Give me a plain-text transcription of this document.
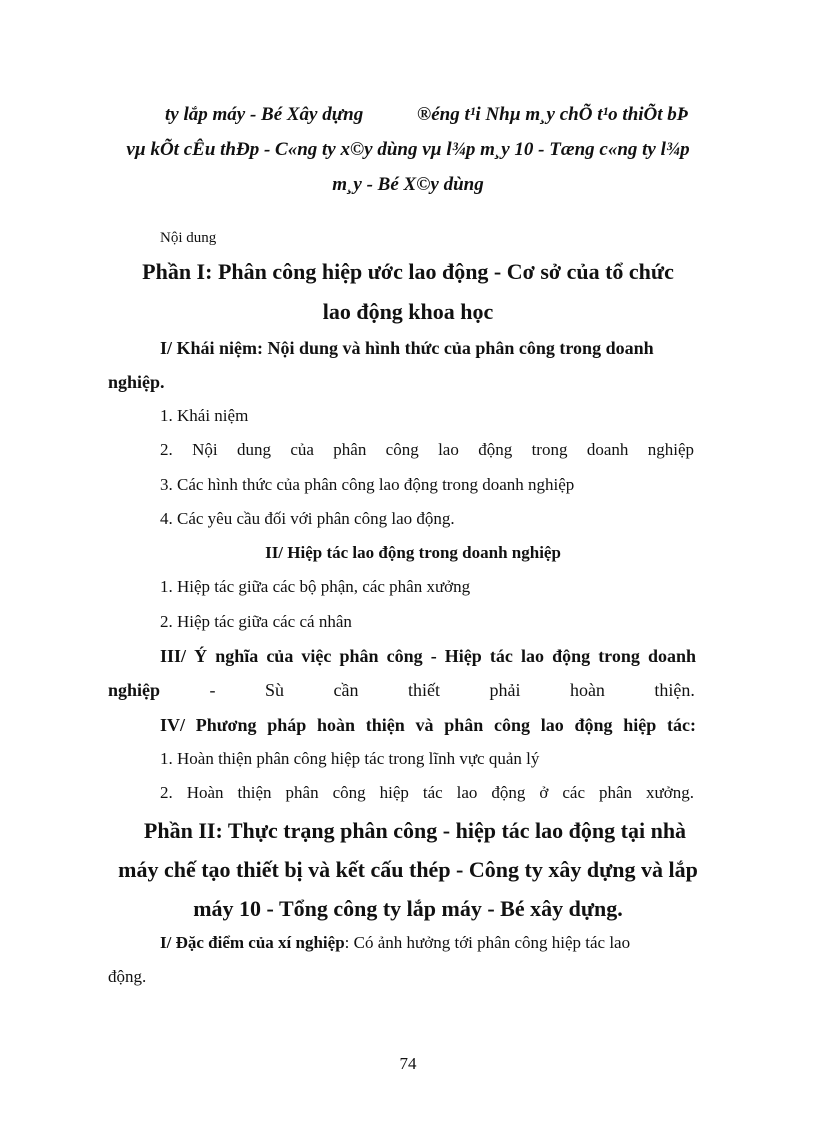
ty lắp máy - Bé Xây dựng	®éng t¹i Nhµ m¸y chÕ t¹o thiÕt bÞ
vµ kÕt cÊu thÐp - C«ng ty x©y dùng vµ l¾p m¸y 10 - Tæng c«ng ty l¾p
m¸y - Bé X©y dùng
Nội dung
Phần I: Phân công hiệp ước lao động - Cơ sở của tổ chức
lao động khoa học
I/ Khái niệm: Nội dung và hình thức của phân công trong doanh
nghiệp.
1. Khái niệm
2. Nội dung của phân công lao động trong doanh nghiệp
3. Các hình thức của phân công lao động trong doanh nghiệp
4. Các yêu cầu đối với phân công lao động.
II/ Hiệp tác lao động trong doanh nghiệp
1. Hiệp tác giữa các bộ phận, các phân xưởng
2. Hiệp tác giữa các cá nhân
III/ Ý nghĩa của việc phân công - Hiệp tác lao động trong doanh
nghiệp	-	Sù	cần	thiết	phải	hoàn	thiện.
IV/ Phương pháp hoàn thiện và phân công lao động hiệp tác:
1. Hoàn thiện phân công hiệp tác trong lĩnh vực quản lý
2. Hoàn thiện phân công hiệp tác lao động ở các phân xưởng.
Phần II: Thực trạng phân công - hiệp tác lao động tại nhà
máy chế tạo thiết bị và kết cấu thép - Công ty xây dựng và lắp
máy 10 - Tổng công ty lắp máy - Bé xây dựng.
I/ Đặc điểm của xí nghiệp: Có ảnh hưởng tới phân công hiệp tác lao
động.
74
